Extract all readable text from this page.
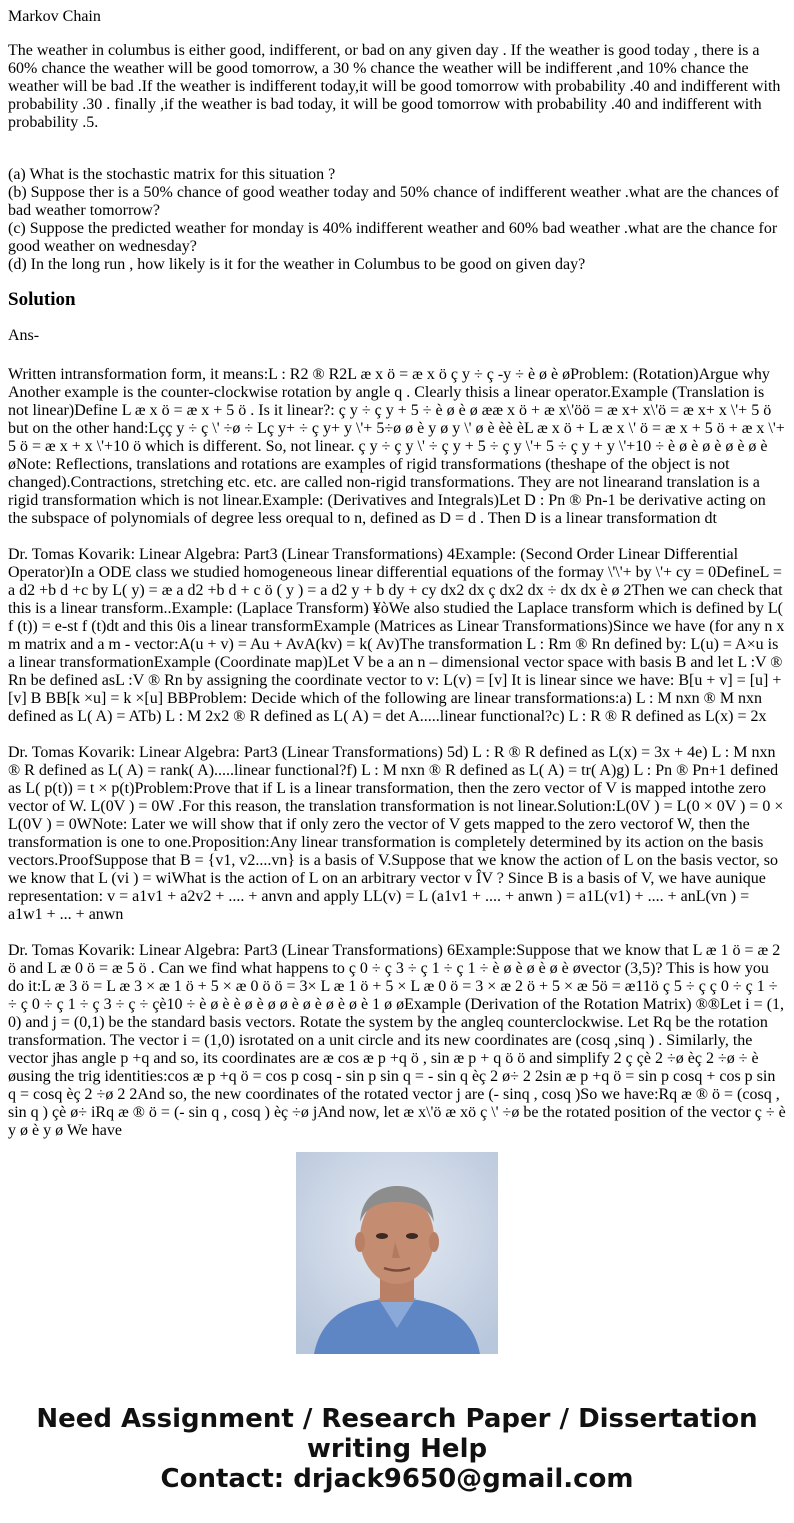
Markov Chain
The weather in columbus is either good, indifferent, or bad on any given day . If the weather is good today , there is a 60% chance the weather will be good tomorrow, a 30 % chance the weather will be indifferent ,and 10% chance the weather will be bad .If the weather is indifferent today,it will be good tomorrow with probability .40 and indifferent with probability .30 . finally ,if the weather is bad today, it will be good tomorrow with probability .40 and indifferent with probability .5.
(a) What is the stochastic matrix for this situation ?
(b) Suppose ther is a 50% chance of good weather today and 50% chance of indifferent weather .what are the chances of bad weather tomorrow?
(c) Suppose the predicted weather for monday is 40% indifferent weather and 60% bad weather .what are the chance for good weather on wednesday?
(d) In the long run , how likely is it for the weather in Columbus to be good on given day?
Solution
Ans-

Written intransformation form, it means:L : R2 ® R2L æ x ö = æ x ö ç y ÷ ç -y ÷ è ø è øProblem: (Rotation)Argue why Another example is the counter-clockwise rotation by angle q . Clearly thisis a linear operator.Example (Translation is not linear)Define L æ x ö = æ x + 5 ö . Is it linear?: ç y ÷ ç y + 5 ÷ è ø è ø ææ x ö + æ x\'öö = æ x+ x\'ö = æ x+ x \'+ 5 ö but on the other hand:Lçç y ÷ ç \' ÷ø ÷ Lç y+ ÷ ç y+ y \'+ 5÷ø ø è y ø y \' ø è èè èL æ x ö + L æ x \' ö = æ x + 5 ö + æ x \'+ 5 ö = æ x + x \'+10 ö which is different. So, not linear. ç y ÷ ç y \' ÷ ç y + 5 ÷ ç y \'+ 5 ÷ ç y + y \'+10 ÷ è ø è ø è ø è ø è øNote: Reflections, translations and rotations are examples of rigid transformations (theshape of the object is not changed).Contractions, stretching etc. etc. are called non-rigid transformations. They are not linearand translation is a rigid transformation which is not linear.Example: (Derivatives and Integrals)Let D : Pn ® Pn-1 be derivative acting on the subspace of polynomials of degree less orequal to n, defined as D = d . Then D is a linear transformation dt

Dr. Tomas Kovarik: Linear Algebra: Part3 (Linear Transformations) 4Example: (Second Order Linear Differential Operator)In a ODE class we studied homogeneous linear differential equations of the formay \'\'+ by \'+ cy = 0DefineL = a d2 +b d +c by L( y) = æ a d2 +b d + c ö ( y ) = a d2 y + b dy + cy dx2 dx ç dx2 dx ÷ dx dx è ø 2Then we can check that this is a linear transform..Example: (Laplace Transform) ¥òWe also studied the Laplace transform which is defined by L( f (t)) = e-st f (t)dt and this 0is a linear transformExample (Matrices as Linear Transformations)Since we have (for any n x m matrix and a m - vector:A(u + v) = Au + AvA(kv) = k( Av)The transformation L : Rm ® Rn defined by: L(u) = A×u is a linear transformationExample (Coordinate map)Let V be a an n – dimensional vector space with basis B and let L :V ® Rn be defined asL :V ® Rn by assigning the coordinate vector to v: L(v) = [v] It is linear since we have: B[u + v] = [u] + [v] B BB[k ×u] = k ×[u] BBProblem: Decide which of the following are linear transformations:a) L : M nxn ® M nxn defined as L( A) = ATb) L : M 2x2 ® R defined as L( A) = det A.....linear functional?c) L : R ® R defined as L(x) = 2x

Dr. Tomas Kovarik: Linear Algebra: Part3 (Linear Transformations) 5d) L : R ® R defined as L(x) = 3x + 4e) L : M nxn ® R defined as L( A) = rank( A).....linear functional?f) L : M nxn ® R defined as L( A) = tr( A)g) L : Pn ® Pn+1 defined as L( p(t)) = t × p(t)Problem:Prove that if L is a linear transformation, then the zero vector of V is mapped intothe zero vector of W. L(0V ) = 0W .For this reason, the translation transformation is not linear.Solution:L(0V ) = L(0 × 0V ) = 0 × L(0V ) = 0WNote: Later we will show that if only zero the vector of V gets mapped to the zero vectorof W, then the transformation is one to one.Proposition:Any linear transformation is completely determined by its action on the basis vectors.ProofSuppose that B = {v1, v2....vn} is a basis of V.Suppose that we know the action of L on the basis vector, so we know that L (vi ) = wiWhat is the action of L on an arbitrary vector v ÎV ? Since B is a basis of V, we have aunique representation: v = a1v1 + a2v2 + .... + anvn and apply LL(v) = L (a1v1 + .... + anwn ) = a1L(v1) + .... + anL(vn ) = a1w1 + ... + anwn

Dr. Tomas Kovarik: Linear Algebra: Part3 (Linear Transformations) 6Example:Suppose that we know that L æ 1 ö = æ 2 ö and L æ 0 ö = æ 5 ö . Can we find what happens to ç 0 ÷ ç 3 ÷ ç 1 ÷ ç 1 ÷ è ø è ø è ø è øvector (3,5)? This is how you do it:L æ 3 ö = L æ 3 × æ 1 ö + 5 × æ 0 ö ö = 3× L æ 1 ö + 5 × L æ 0 ö = 3 × æ 2 ö + 5 × æ 5ö = æ11ö ç 5 ÷ ç ç 0 ÷ ç 1 ÷ ÷ ç 0 ÷ ç 1 ÷ ç 3 ÷ ç ÷ çè10 ÷ è ø è è ø è ø ø è ø è ø è ø è 1 ø øExample (Derivation of the Rotation Matrix) ®®Let i = (1, 0) and j = (0,1) be the standard basis vectors. Rotate the system by the angleq counterclockwise. Let Rq be the rotation transformation. The vector i = (1,0) isrotated on a unit circle and its new coordinates are (cosq ,sinq ) . Similarly, the vector jhas angle p +q and so, its coordinates are æ cos æ p +q ö , sin æ p + q ö ö and simplify 2 ç çè 2 ÷ø èç 2 ÷ø ÷ è øusing the trig identities:cos æ p +q ö = cos p cosq - sin p sin q = - sin q èç 2 ø÷ 2 2sin æ p +q ö = sin p cosq + cos p sin q = cosq èç 2 ÷ø 2 2And so, the new coordinates of the rotated vector j are (- sinq , cosq )So we have:Rq æ ® ö = (cosq , sin q ) çè ø÷ iRq æ ® ö = (- sin q , cosq ) èç ÷ø jAnd now, let æ x\'ö æ xö ç \' ÷ø be the rotated position of the vector ç ÷ è y ø è y ø We have

Need Assignment / Research Paper / Dissertation
writing Help
Contact: drjack9650@gmail.com
